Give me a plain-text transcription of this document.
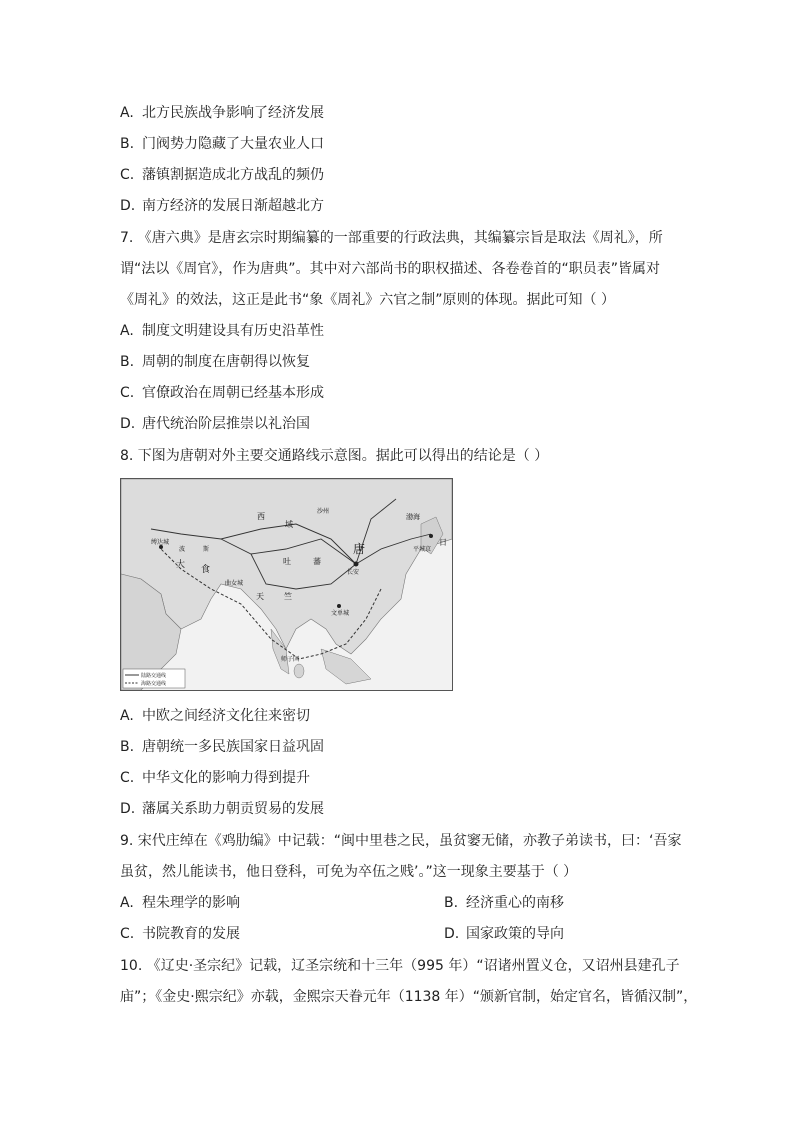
A. 北方民族战争影响了经济发展
B. 门阀势力隐藏了大量农业人口
C. 藩镇割据造成北方战乱的频仍
D. 南方经济的发展日渐超越北方
7. 《唐六典》是唐玄宗时期编纂的一部重要的行政法典，其编纂宗旨是取法《周礼》，所
谓“法以《周官》，作为唐典”。其中对六部尚书的职权描述、各卷卷首的“职员表”皆属对
《周礼》的效法，这正是此书“象《周礼》六官之制”原则的体现。据此可知（ ）
A. 制度文明建设具有历史沿革性
B. 周朝的制度在唐朝得以恢复
C. 官僚政治在周朝已经基本形成
D. 唐代统治阶层推崇以礼治国
8. 下图为唐朝对外主要交通路线示意图。据此可以得出的结论是（ ）
大 食
波	斯
缚达城
西
域
沙州
吐	蕃
唐
长安
曲女城
天	竺
文单城
师子国
渤海
日
平城京
陆路交通线
海路交通线
A. 中欧之间经济文化往来密切
B. 唐朝统一多民族国家日益巩固
C. 中华文化的影响力得到提升
D. 藩属关系助力朝贡贸易的发展
9. 宋代庄绰在《鸡肋编》中记载：“闽中里巷之民，虽贫窭无储，亦教子弟读书，曰：‘吾家
虽贫，然儿能读书，他日登科，可免为卒伍之贱’。”这一现象主要基于（ ）
A. 程朱理学的影响	B. 经济重心的南移
C. 书院教育的发展	D. 国家政策的导向
10. 《辽史·圣宗纪》记载，辽圣宗统和十三年（995 年）“诏诸州置义仓，又诏州县建孔子
庙”；《金史·熙宗纪》亦载，金熙宗天眷元年（1138 年）“颁新官制，始定官名，皆循汉制”，
